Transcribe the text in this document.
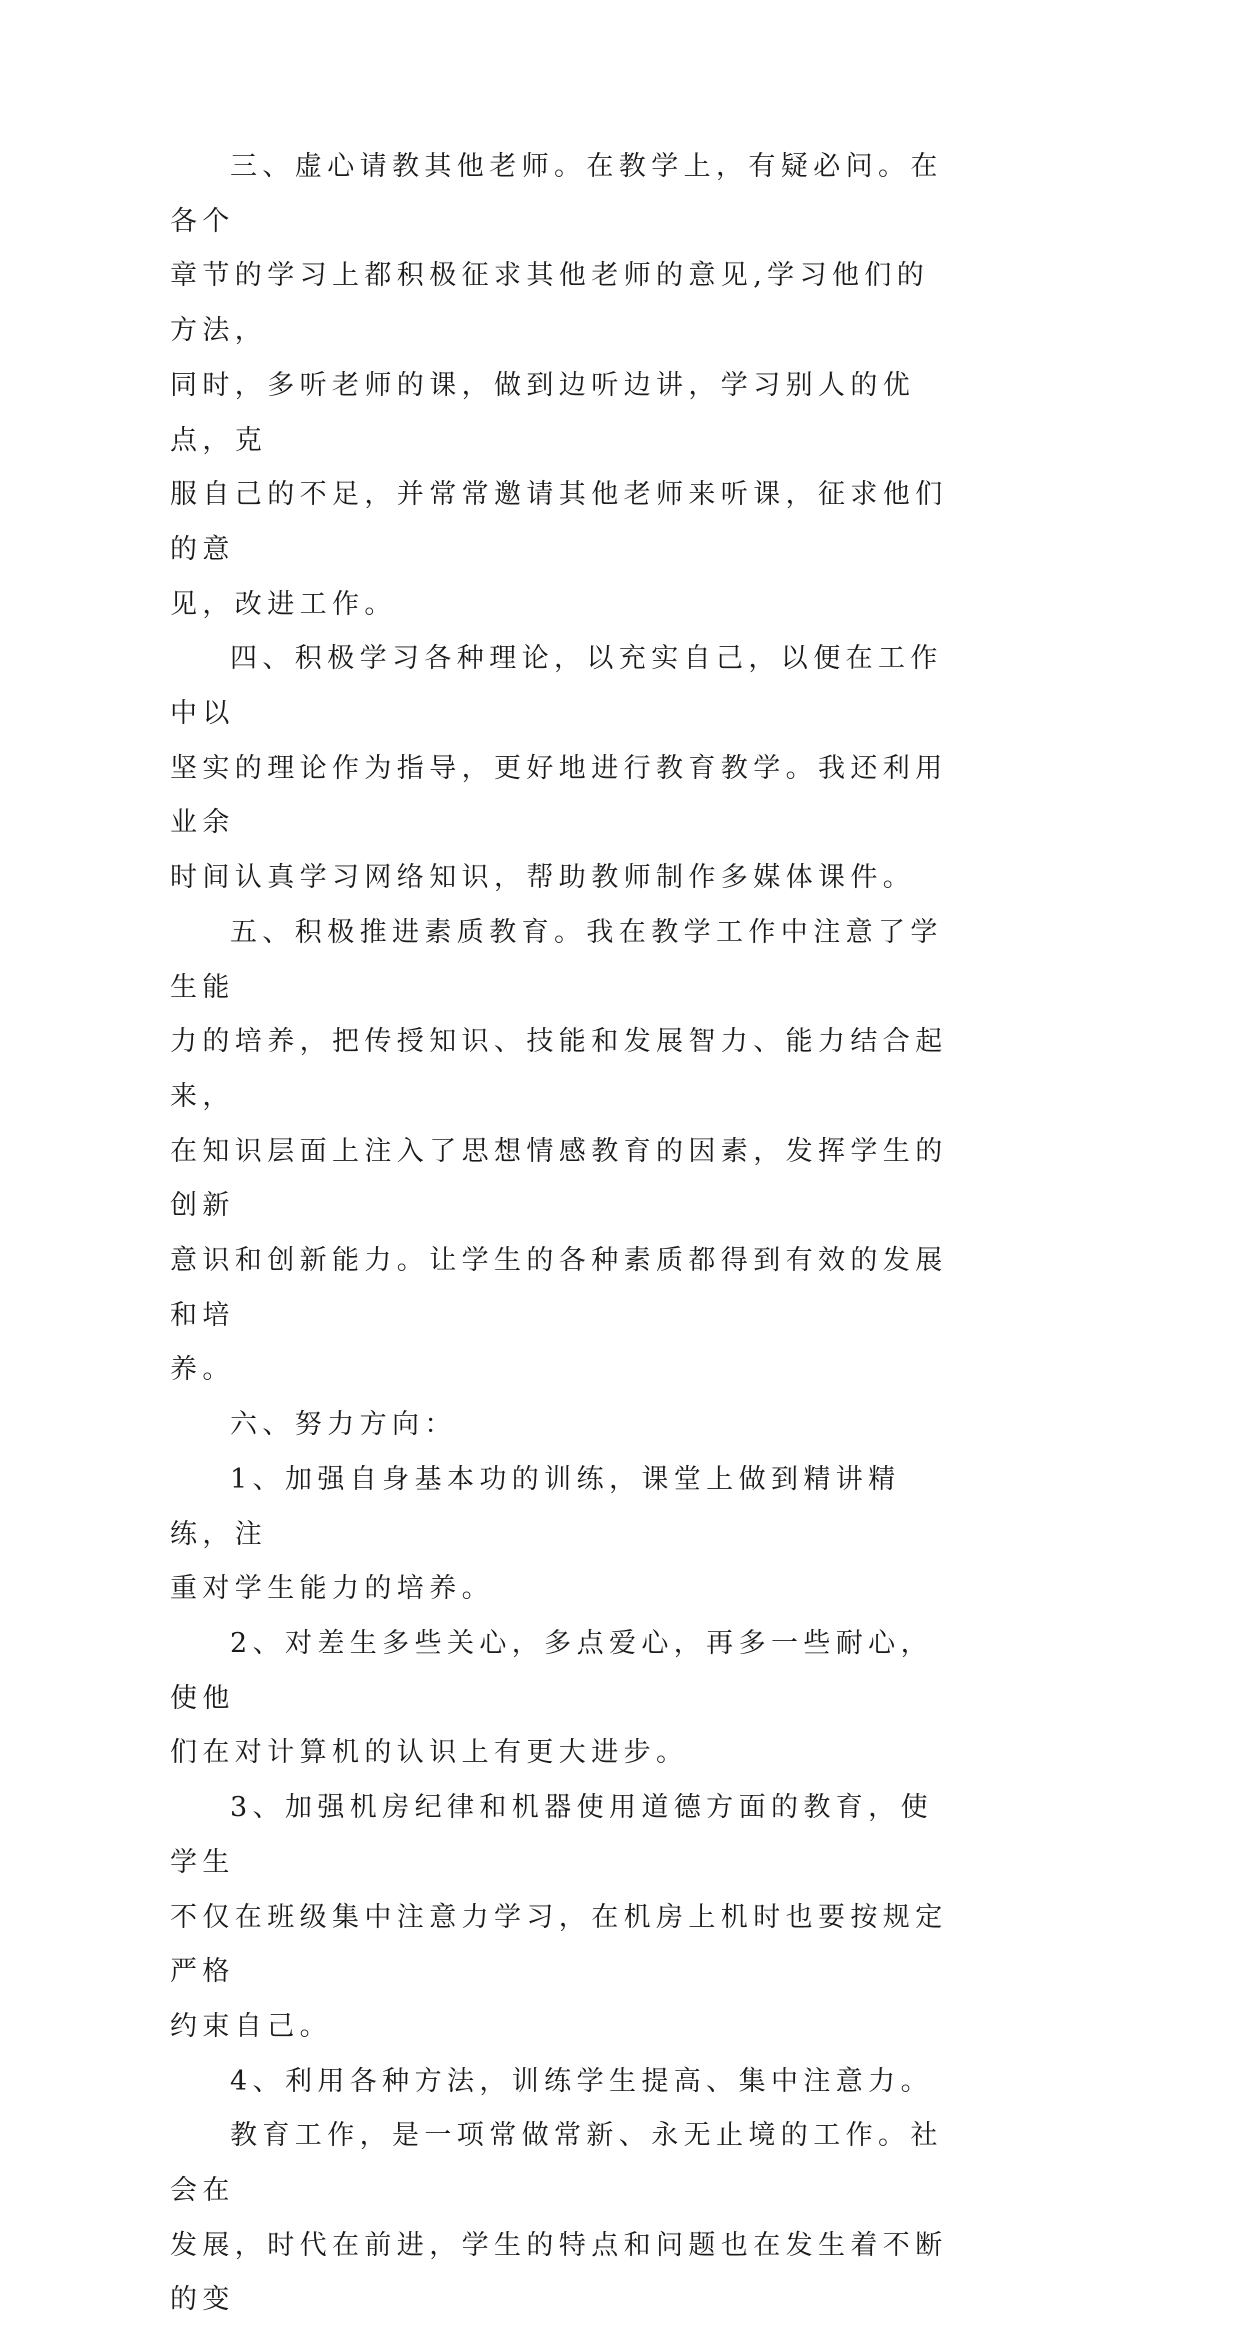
三、虚心请教其他老师。在教学上，有疑必问。在各个
章节的学习上都积极征求其他老师的意见,学习他们的方法，
同时，多听老师的课，做到边听边讲，学习别人的优点，克
服自己的不足，并常常邀请其他老师来听课，征求他们的意
见，改进工作。

四、积极学习各种理论，以充实自己，以便在工作中以
坚实的理论作为指导，更好地进行教育教学。我还利用业余
时间认真学习网络知识，帮助教师制作多媒体课件。

五、积极推进素质教育。我在教学工作中注意了学生能
力的培养，把传授知识、技能和发展智力、能力结合起来，
在知识层面上注入了思想情感教育的因素，发挥学生的创新
意识和创新能力。让学生的各种素质都得到有效的发展和培
养。

六、努力方向：

1、加强自身基本功的训练，课堂上做到精讲精练，注
重对学生能力的培养。

2、对差生多些关心，多点爱心，再多一些耐心，使他
们在对计算机的认识上有更大进步。

3、加强机房纪律和机器使用道德方面的教育，使学生
不仅在班级集中注意力学习，在机房上机时也要按规定严格
约束自己。

4、利用各种方法，训练学生提高、集中注意力。

教育工作，是一项常做常新、永无止境的工作。社会在
发展，时代在前进，学生的特点和问题也在发生着不断的变
